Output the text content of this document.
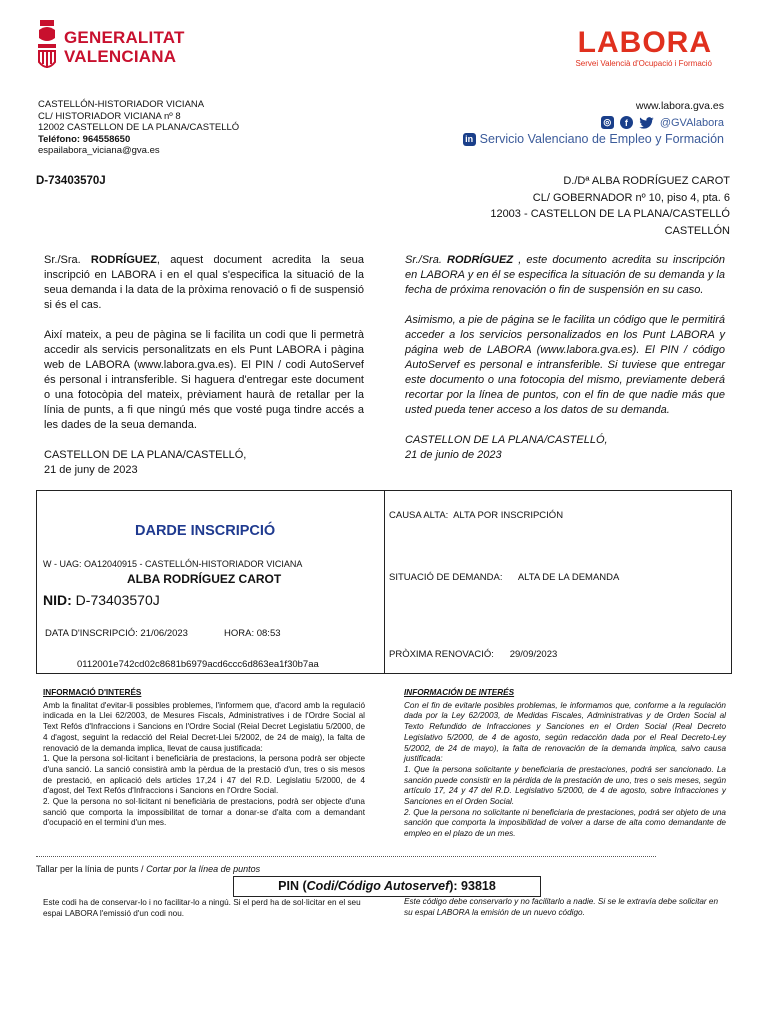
GENERALITAT
VALENCIANA	LABORA
Servei Valencià d'Ocupació i Formació
CASTELLÓN-HISTORIADOR VICIANA
CL/ HISTORIADOR VICIANA nº 8
12002 CASTELLON DE LA PLANA/CASTELLÓ
Teléfono: 964558650
espailabora_viciana@gva.es
www.labora.gva.es
◎	f	@GVAlabora
in Servicio Valenciano de Empleo y Formación
D-73403570J	D./Dª ALBA RODRÍGUEZ CAROT
CL/ GOBERNADOR nº 10, piso 4, pta. 6
12003 - CASTELLON DE LA PLANA/CASTELLÓ
CASTELLÓN

Sr./Sra. RODRÍGUEZ, aquest document acredita la seua inscripció en LABORA i en el qual s'especifica la situació de la seua demanda i la data de la pròxima renovació o fi de suspensió si és el cas.

Així mateix, a peu de pàgina se li facilita un codi que li permetrà accedir als servicis personalitzats en els Punt LABORA i pàgina web de LABORA (www.labora.gva.es). El PIN / codi AutoServef és personal i intransferible. Si haguera d'entregar este document o una fotocòpia del mateix, prèviament haurà de retallar per la línia de punts, a fi que ningú més que vosté puga tindre accés a les dades de la seua demanda.

CASTELLON DE LA PLANA/CASTELLÓ,
21 de juny de 2023

Sr./Sra. RODRÍGUEZ , este documento acredita su inscripción en LABORA y en él se especifica la situación de su demanda y la fecha de próxima renovación o fin de suspensión en su caso.

Asimismo, a pie de página se le facilita un código que le permitirá acceder a los servicios personalizados en los Punt LABORA y página web de LABORA (www.labora.gva.es). El PIN / código AutoServef es personal e intransferible. Si tuviese que entregar este documento o una fotocopia del mismo, previamente deberá recortar por la línea de puntos, con el fin de que nadie más que usted pueda tener acceso a los datos de su demanda.

CASTELLON DE LA PLANA/CASTELLÓ,
21 de junio de 2023
DARDE INSCRIPCIÓ
W - UAG: OA12040915 - CASTELLÓN-HISTORIADOR VICIANA
ALBA RODRÍGUEZ CAROT
NID: D-73403570J
DATA D'INSCRIPCIÓ: 21/06/2023	HORA: 08:53
0112001e742cd02c8681b6979acd6ccc6d863ea1f30b7aa
CAUSA ALTA: ALTA POR INSCRIPCIÓN
SITUACIÓ DE DEMANDA: ALTA DE LA DEMANDA
PRÒXIMA RENOVACIÓ: 29/09/2023
INFORMACIÓ D'INTERÉS
Amb la finalitat d'evitar-li possibles problemes, l'informem que, d'acord amb la regulació indicada en la Llei 62/2003, de Mesures Fiscals, Administratives i de l'Ordre Social al Text Refós d'Infraccions i Sancions en l'Ordre Social (Reial Decret Legislatiu 5/2000, de 4 d'agost, seguint la redacció del Reial Decret-Llei 5/2002, de 24 de maig), la falta de renovació de la demanda implica, llevat de causa justificada:
1. Que la persona sol·licitant i beneficiària de prestacions, la persona podrà ser objecte d'una sanció. La sanció consistirà amb la pèrdua de la prestació d'un, tres o sis mesos de prestació, en aplicació dels articles 17,24 i 47 del R.D. Legislatiu 5/2000, de 4 d'agost, del Text Refós d'Infraccions i Sancions en l'Ordre Social.
2. Que la persona no sol·licitant ni beneficiària de prestacions, podrà ser objecte d'una sanció que comporta la impossibilitat de tornar a donar-se d'alta com a demandant d'ocupació en el termini d'un mes.
INFORMACIÓN DE INTERÉS
Con el fin de evitarle posibles problemas, le informamos que, conforme a la regulación dada por la Ley 62/2003, de Medidas Fiscales, Administrativas y de Orden Social al Texto Refundido de Infracciones y Sanciones en el Orden Social (Real Decreto Legislativo 5/2000, de 4 de agosto, según redacción dada por el Real Decreto-Ley 5/2002, de 24 de mayo), la falta de renovación de la demanda implica, salvo causa justificada:
1. Que la persona solicitante y beneficiaria de prestaciones, podrá ser sancionado. La sanción puede consistir en la pérdida de la prestación de uno, tres o seis meses, según artículo 17, 24 y 47 del R.D. Legislativo 5/2000, de 4 de agosto, sobre Infracciones y Sanciones en el Orden Social.
2. Que la persona no solicitante ni beneficiaria de prestaciones, podrá ser objeto de una sanción que comporta la imposibilidad de volver a darse de alta como demandante de empleo en el plazo de un mes.
Tallar per la línia de punts / Cortar por la línea de puntos
PIN (Codi/Código Autoservef): 93818
Este codi ha de conservar-lo i no facilitar-lo a ningú. Si el perd ha de sol·licitar en el seu espai LABORA l'emissió d'un codi nou.
Este código debe conservarlo y no facilitarlo a nadie. Si se le extravía debe solicitar en su espai LABORA la emisión de un nuevo código.
